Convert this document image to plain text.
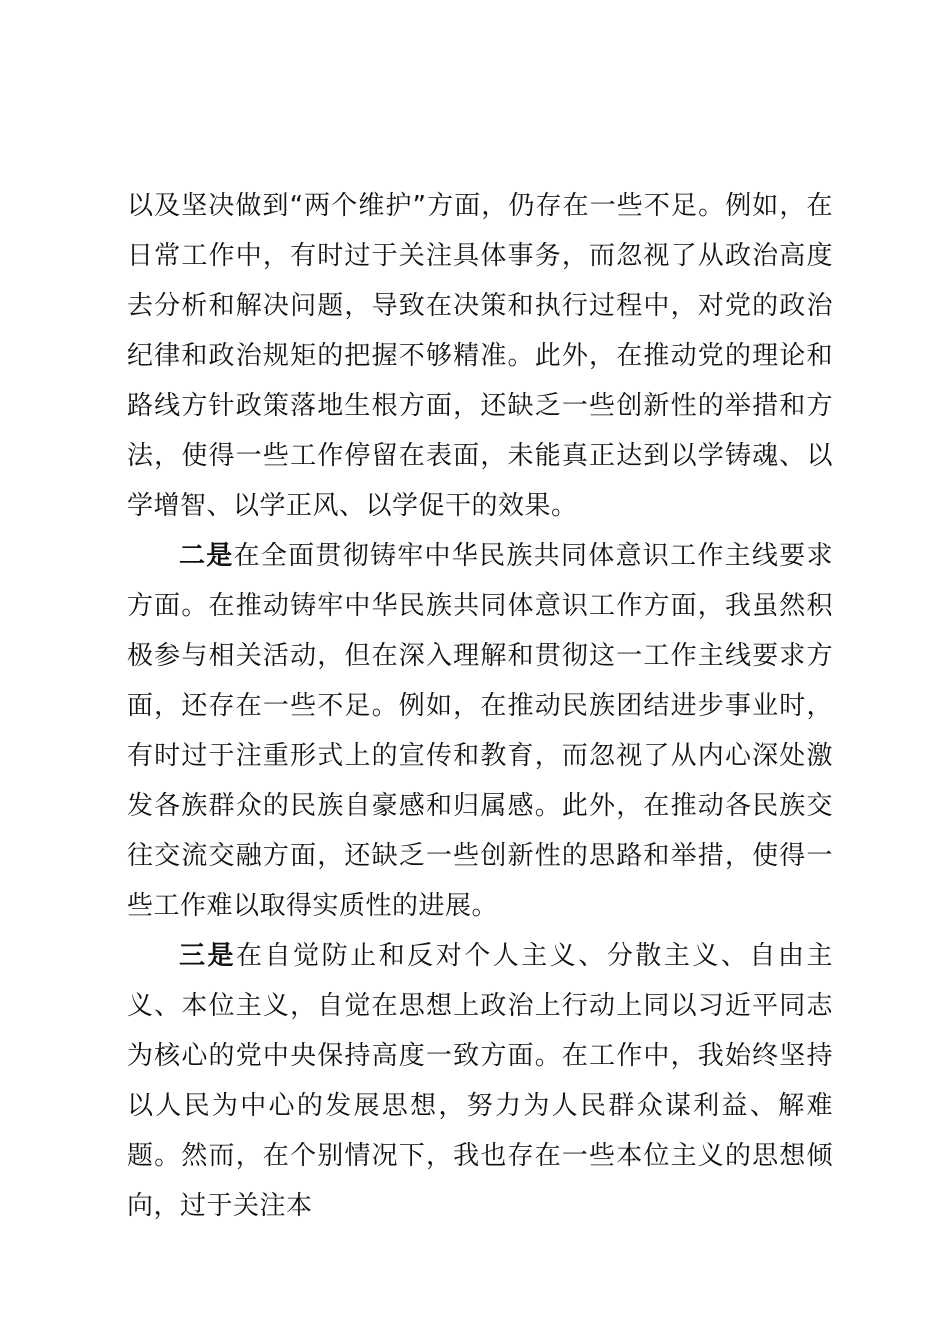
以及坚决做到“两个维护”方面，仍存在一些不足。例如，在日常工作中，有时过于关注具体事务，而忽视了从政治高度去分析和解决问题，导致在决策和执行过程中，对党的政治纪律和政治规矩的把握不够精准。此外，在推动党的理论和路线方针政策落地生根方面，还缺乏一些创新性的举措和方法，使得一些工作停留在表面，未能真正达到以学铸魂、以学增智、以学正风、以学促干的效果。

二是在全面贯彻铸牢中华民族共同体意识工作主线要求方面。在推动铸牢中华民族共同体意识工作方面，我虽然积极参与相关活动，但在深入理解和贯彻这一工作主线要求方面，还存在一些不足。例如，在推动民族团结进步事业时，有时过于注重形式上的宣传和教育，而忽视了从内心深处激发各族群众的民族自豪感和归属感。此外，在推动各民族交往交流交融方面，还缺乏一些创新性的思路和举措，使得一些工作难以取得实质性的进展。

三是在自觉防止和反对个人主义、分散主义、自由主义、本位主义，自觉在思想上政治上行动上同以习近平同志为核心的党中央保持高度一致方面。在工作中，我始终坚持以人民为中心的发展思想，努力为人民群众谋利益、解难题。然而，在个别情况下，我也存在一些本位主义的思想倾向，过于关注本
